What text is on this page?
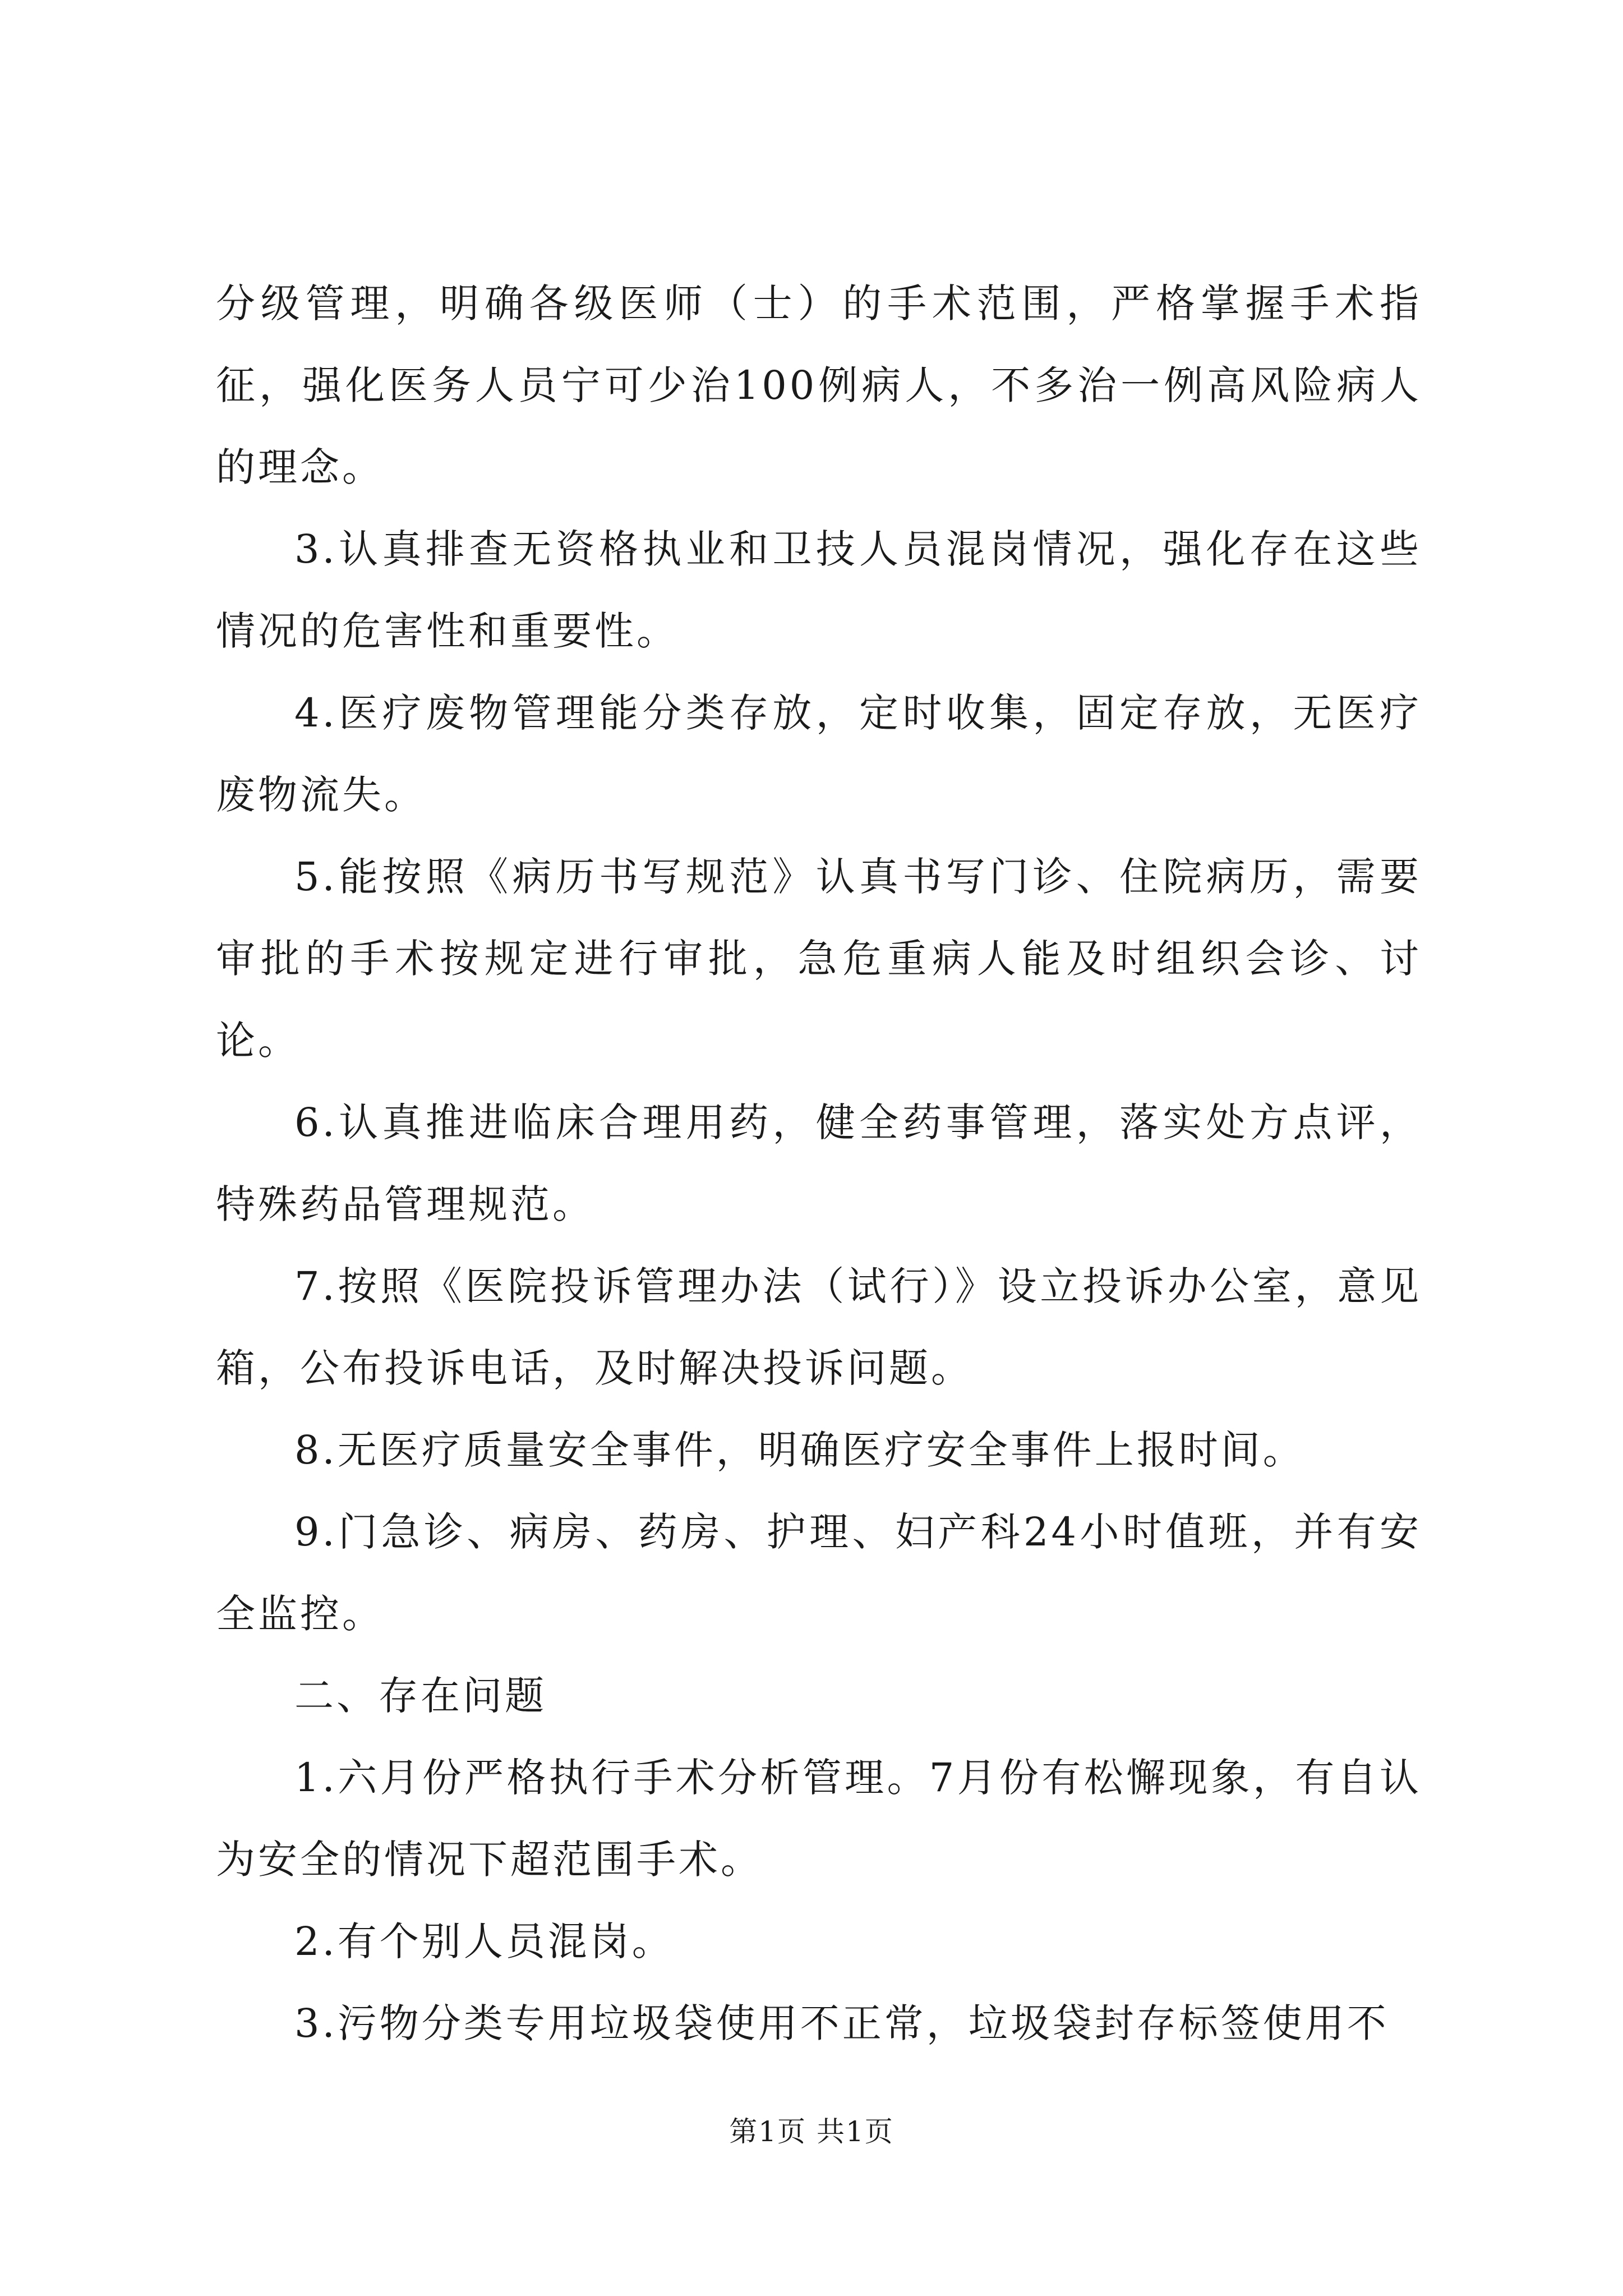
分级管理，明确各级医师（士）的手术范围，严格掌握手术指征，强化医务人员宁可少治100例病人，不多治一例高风险病人的理念。

3.认真排查无资格执业和卫技人员混岗情况，强化存在这些情况的危害性和重要性。

4.医疗废物管理能分类存放，定时收集，固定存放，无医疗废物流失。

5.能按照《病历书写规范》认真书写门诊、住院病历，需要审批的手术按规定进行审批，急危重病人能及时组织会诊、讨论。

6.认真推进临床合理用药，健全药事管理，落实处方点评，特殊药品管理规范。

7.按照《医院投诉管理办法（试行）》设立投诉办公室，意见箱，公布投诉电话，及时解决投诉问题。

8.无医疗质量安全事件，明确医疗安全事件上报时间。

9.门急诊、病房、药房、护理、妇产科24小时值班，并有安全监控。

二、存在问题

1.六月份严格执行手术分析管理。7月份有松懈现象，有自认为安全的情况下超范围手术。

2.有个别人员混岗。

3.污物分类专用垃圾袋使用不正常，垃圾袋封存标签使用不

第1页 共1页
